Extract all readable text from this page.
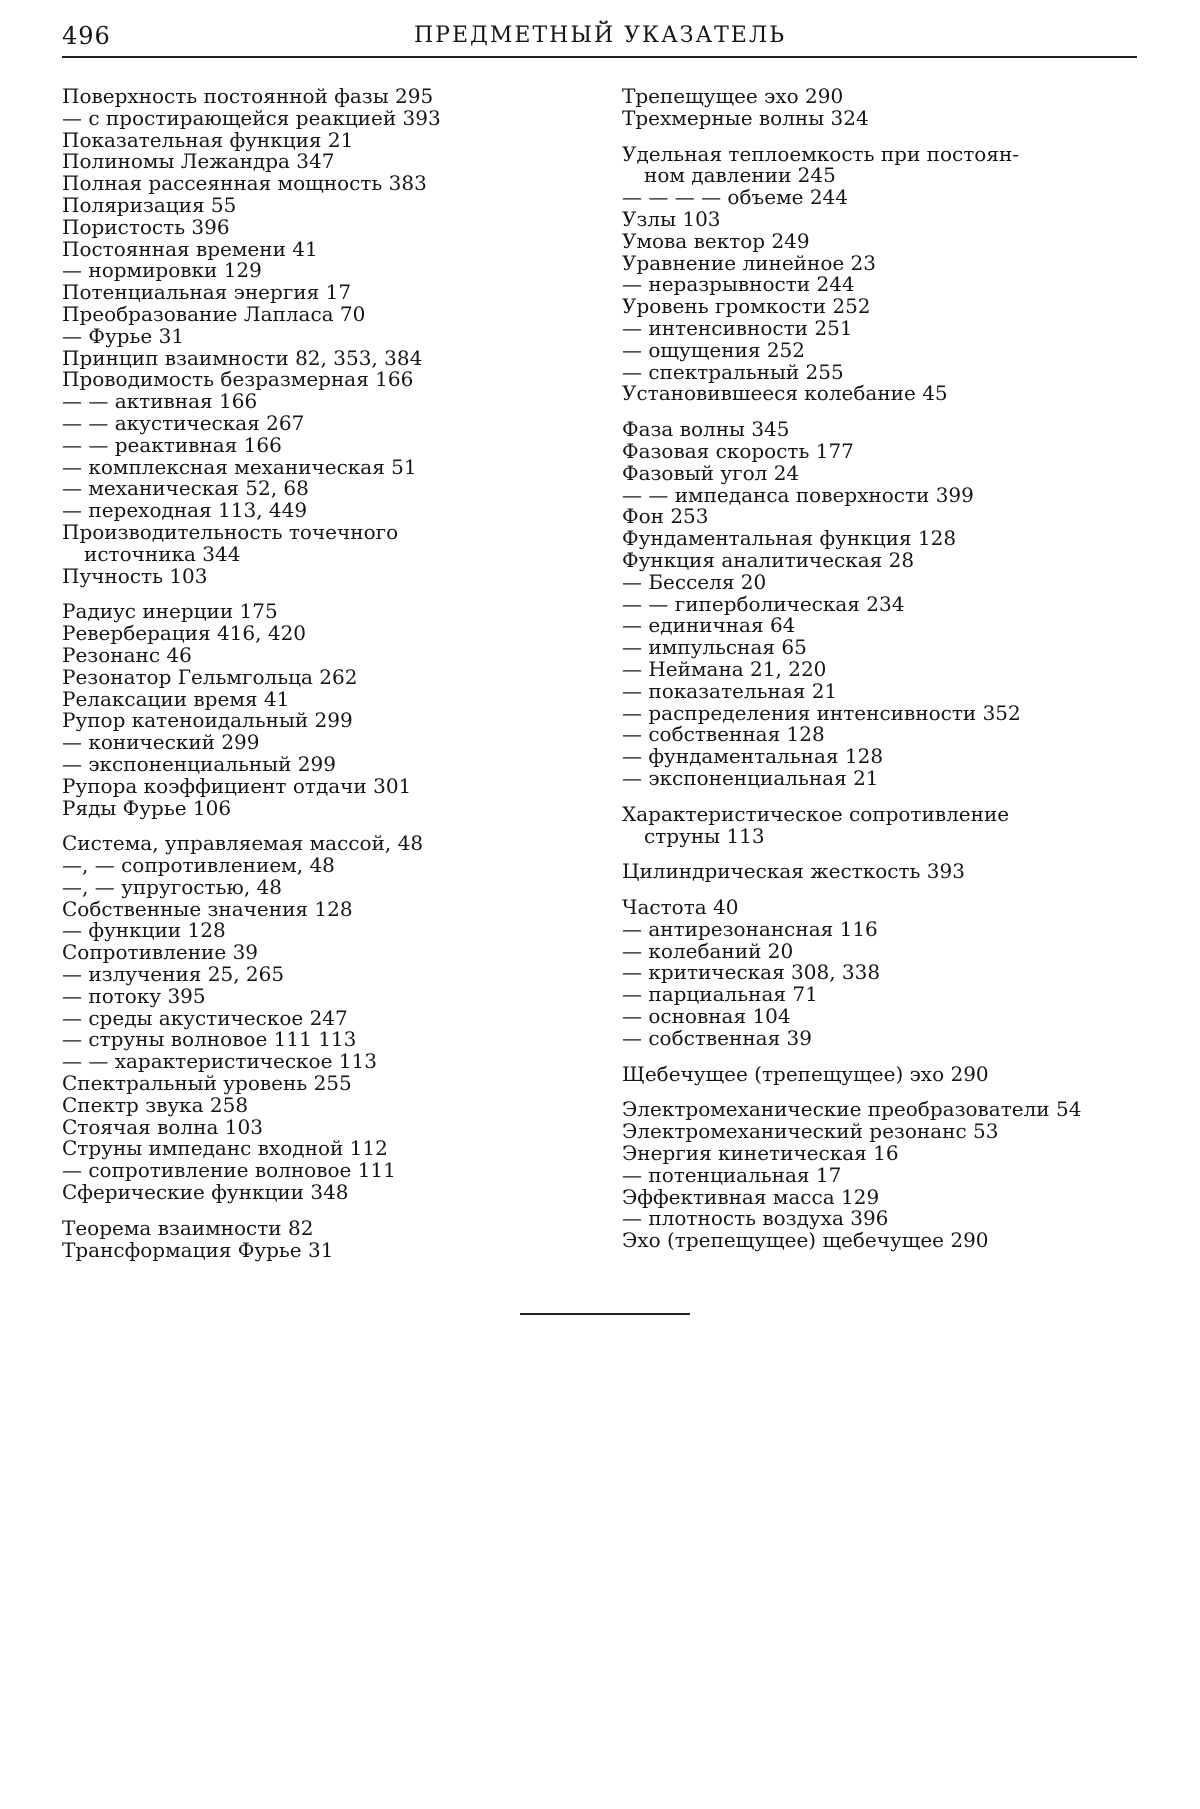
496	ПРЕДМЕТНЫЙ УКАЗАТЕЛЬ
Поверхность постоянной фазы 295
— с простирающейся реакцией 393
Показательная функция 21
Полиномы Лежандра 347
Полная рассеянная мощность 383
Поляризация 55
Пористость 396
Постоянная времени 41
— нормировки 129
Потенциальная энергия 17
Преобразование Лапласа 70
— Фурье 31
Принцип взаимности 82, 353, 384
Проводимость безразмерная 166
— — активная 166
— — акустическая 267
— — реактивная 166
— комплексная механическая 51
— механическая 52, 68
— переходная 113, 449
Производительность точечного
источника 344
Пучность 103
Радиус инерции 175
Реверберация 416, 420
Резонанс 46
Резонатор Гельмгольца 262
Релаксации время 41
Рупор катеноидальный 299
— конический 299
— экспоненциальный 299
Рупора коэффициент отдачи 301
Ряды Фурье 106
Система, управляемая массой, 48
—, — сопротивлением, 48
—, — упругостью, 48
Собственные значения 128
— функции 128
Сопротивление 39
— излучения 25, 265
— потоку 395
— среды акустическое 247
— струны волновое 111 113
— — характеристическое 113
Спектральный уровень 255
Спектр звука 258
Стоячая волна 103
Струны импеданс входной 112
— сопротивление волновое 111
Сферические функции 348
Теорема взаимности 82
Трансформация Фурье 31
Трепещущее эхо 290
Трехмерные волны 324
Удельная теплоемкость при постоян-
ном давлении 245
— — — — объеме 244
Узлы 103
Умова вектор 249
Уравнение линейное 23
— неразрывности 244
Уровень громкости 252
— интенсивности 251
— ощущения 252
— спектральный 255
Установившееся колебание 45
Фаза волны 345
Фазовая скорость 177
Фазовый угол 24
— — импеданса поверхности 399
Фон 253
Фундаментальная функция 128
Функция аналитическая 28
— Бесселя 20
— — гиперболическая 234
— единичная 64
— импульсная 65
— Неймана 21, 220
— показательная 21
— распределения интенсивности 352
— собственная 128
— фундаментальная 128
— экспоненциальная 21
Характеристическое сопротивление
струны 113
Цилиндрическая жесткость 393
Частота 40
— антирезонансная 116
— колебаний 20
— критическая 308, 338
— парциальная 71
— основная 104
— собственная 39
Щебечущее (трепещущее) эхо 290
Электромеханические преобразователи 54
Электромеханический резонанс 53
Энергия кинетическая 16
— потенциальная 17
Эффективная масса 129
— плотность воздуха 396
Эхо (трепещущее) щебечущее 290
